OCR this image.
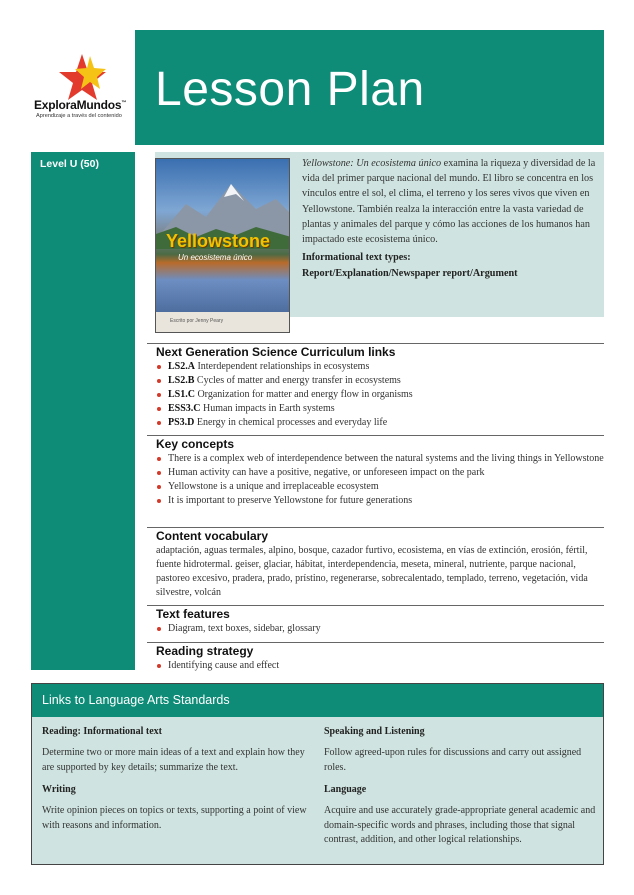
ExploraMundos™
Aprendizaje a través del contenido Lesson Plan
Level U (50)
Yellowstone
Un ecosistema único
Escrito por Jenny Peary
Yellowstone: Un ecosistema único examina la riqueza y diversidad de la vida del primer parque nacional del mundo. El libro se concentra en los vínculos entre el sol, el clima, el terreno y los seres vivos que viven en Yellowstone. También realza la interacción entre la vasta variedad de plantas y animales del parque y cómo las acciones de los humanos han impactado este ecosistema único.
Informational text types:
Report/Explanation/Newspaper report/Argument
Next Generation Science Curriculum links
LS2.A Interdependent relationships in ecosystems
LS2.B Cycles of matter and energy transfer in ecosystems
LS1.C Organization for matter and energy flow in organisms
ESS3.C Human impacts in Earth systems
PS3.D Energy in chemical processes and everyday life
Key concepts
There is a complex web of interdependence between the natural systems and the living things in Yellowstone
Human activity can have a positive, negative, or unforeseen impact on the park
Yellowstone is a unique and irreplaceable ecosystem
It is important to preserve Yellowstone for future generations
Content vocabulary
adaptación, aguas termales, alpino, bosque, cazador furtivo, ecosistema, en vías de extinción, erosión, fértil, fuente hidrotermal. geiser, glaciar, hábitat, interdependencia, meseta, mineral, nutriente, parque nacional, pastoreo excesivo, pradera, prado, prístino, regenerarse, sobrecalentado, templado, terreno, vegetación, vida silvestre, volcán
Text features
Diagram, text boxes, sidebar, glossary
Reading strategy
Identifying cause and effect
Links to Language Arts Standards
Reading: Informational text
Determine two or more main ideas of a text and explain how they are supported by key details; summarize the text.
Writing
Write opinion pieces on topics or texts, supporting a point of view with reasons and information.
Speaking and Listening
Follow agreed-upon rules for discussions and carry out assigned roles.
Language
Acquire and use accurately grade-appropriate general academic and domain-specific words and phrases, including those that signal contrast, addition, and other logical relationships.
